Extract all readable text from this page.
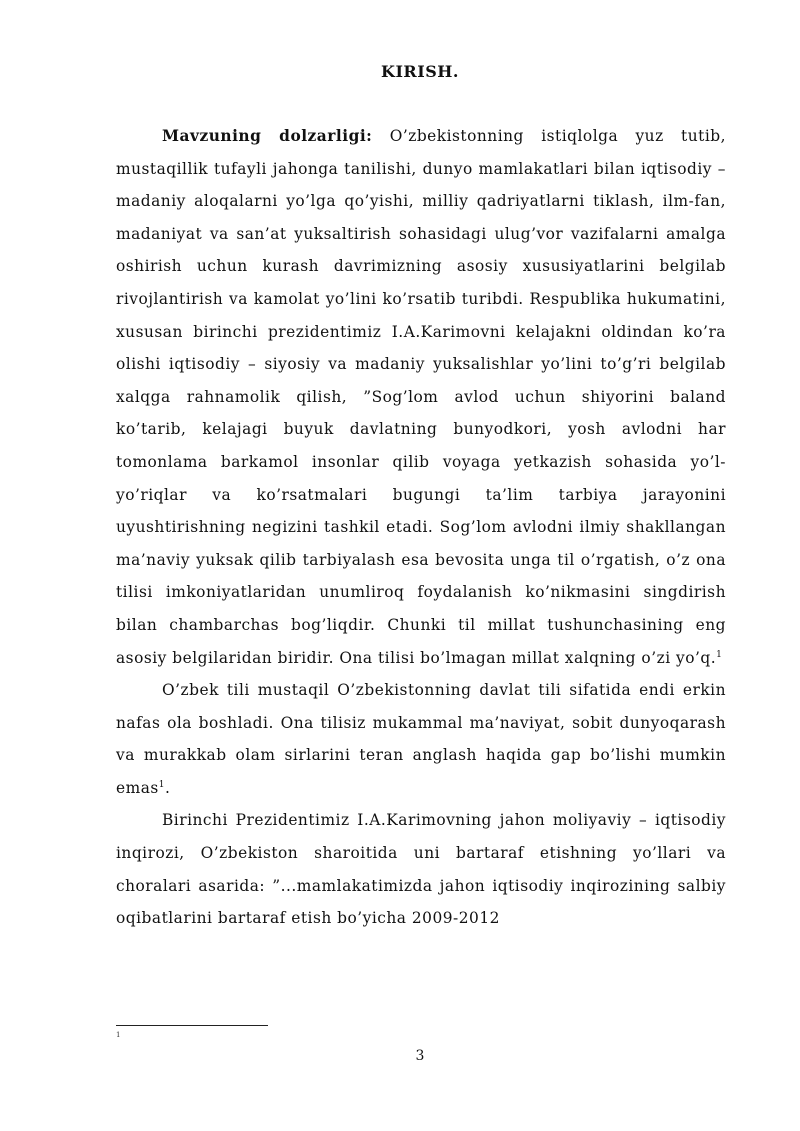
KIRISH.

Mavzuning dolzarligi: O’zbekistonning istiqlolga yuz tutib, mustaqillik tufayli jahonga tanilishi, dunyo mamlakatlari bilan iqtisodiy – madaniy aloqalarni yo’lga qo’yishi, milliy qadriyatlarni tiklash, ilm-fan, madaniyat va san’at yuksaltirish sohasidagi ulug’vor vazifalarni amalga oshirish uchun kurash davrimizning asosiy xususiyatlarini belgilab rivojlantirish va kamolat yo’lini ko’rsatib turibdi. Respublika hukumatini, xususan birinchi prezidentimiz I.A.Karimovni kelajakni oldindan ko’ra olishi iqtisodiy – siyosiy va madaniy yuksalishlar yo’lini to’g’ri belgilab xalqga rahnamolik qilish, ”Sog’lom avlod uchun shiyorini baland ko’tarib, kelajagi buyuk davlatning bunyodkori, yosh avlodni har tomonlama barkamol insonlar qilib voyaga yetkazish sohasida yo’l-yo’riqlar va ko’rsatmalari bugungi ta’lim tarbiya jarayonini uyushtirishning negizini tashkil etadi. Sog’lom avlodni ilmiy shakllangan ma’naviy yuksak qilib tarbiyalash esa bevosita unga til o’rgatish, o’z ona tilisi imkoniyatlaridan unumliroq foydalanish ko’nikmasini singdirish bilan chambarchas bog’liqdir. Chunki til millat tushunchasining eng asosiy belgilaridan biridir. Ona tilisi bo’lmagan millat xalqning o’zi yo’q.$^1$

O’zbek tili mustaqil O’zbekistonning davlat tili sifatida endi erkin nafas ola boshladi. Ona tilisiz mukammal ma’naviyat, sobit dunyoqarash va murakkab olam sirlarini teran anglash haqida gap bo’lishi mumkin emas$^1$.

Birinchi Prezidentimiz I.A.Karimovning jahon moliyaviy – iqtisodiy inqirozi, O’zbekiston sharoitida uni bartaraf etishning yo’llari va choralari asarida: ”...mamlakatimizda jahon iqtisodiy inqirozining salbiy oqibatlarini bartaraf etish bo’yicha 2009-2012

1
3
